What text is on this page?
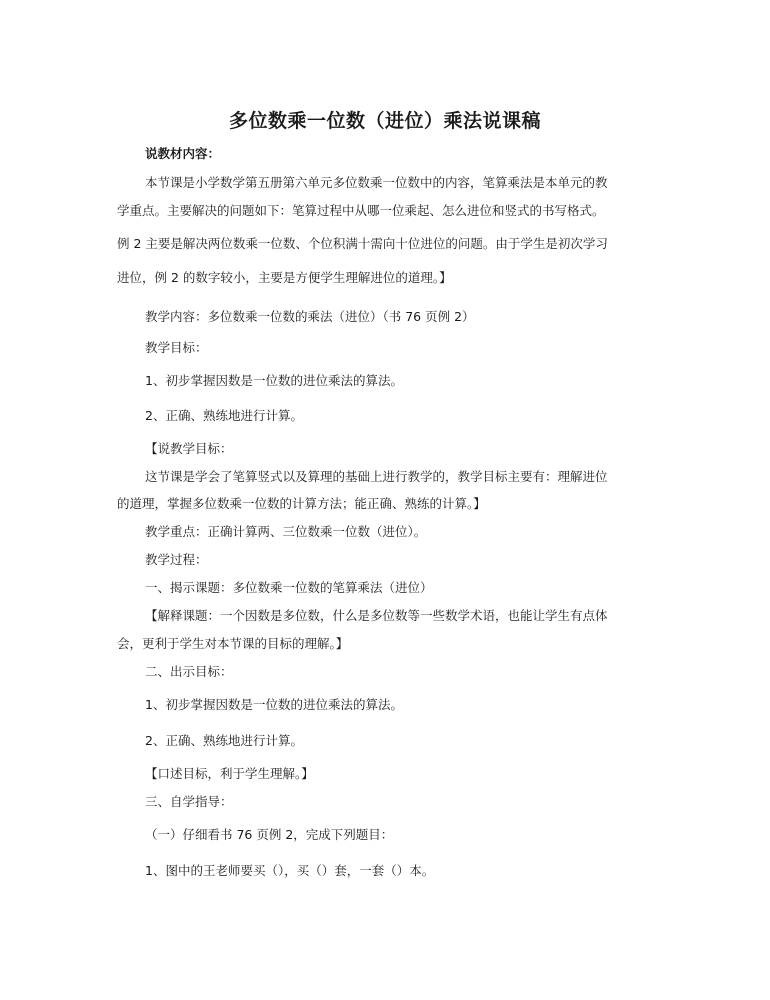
多位数乘一位数（进位）乘法说课稿

说教材内容：

本节课是小学数学第五册第六单元多位数乘一位数中的内容，笔算乘法是本单元的教

学重点。主要解决的问题如下：笔算过程中从哪一位乘起、怎么进位和竖式的书写格式。

例 2 主要是解决两位数乘一位数、个位积满十需向十位进位的问题。由于学生是初次学习

进位，例 2 的数字较小，主要是方便学生理解进位的道理。】

教学内容：多位数乘一位数的乘法（进位）（书 76 页例 2）

教学目标：

1、初步掌握因数是一位数的进位乘法的算法。

2、正确、熟练地进行计算。

【说教学目标：

这节课是学会了笔算竖式以及算理的基础上进行教学的，教学目标主要有：理解进位

的道理，掌握多位数乘一位数的计算方法；能正确、熟练的计算。】

教学重点：正确计算两、三位数乘一位数（进位）。

教学过程：

一、揭示课题：多位数乘一位数的笔算乘法（进位）

【解释课题：一个因数是多位数，什么是多位数等一些数学术语，也能让学生有点体

会，更利于学生对本节课的目标的理解。】

二、出示目标：

1、初步掌握因数是一位数的进位乘法的算法。

2、正确、熟练地进行计算。

【口述目标，利于学生理解。】

三、自学指导：

（一）仔细看书 76 页例 2，完成下列题目：

1、图中的王老师要买（），买（）套，一套（）本。
